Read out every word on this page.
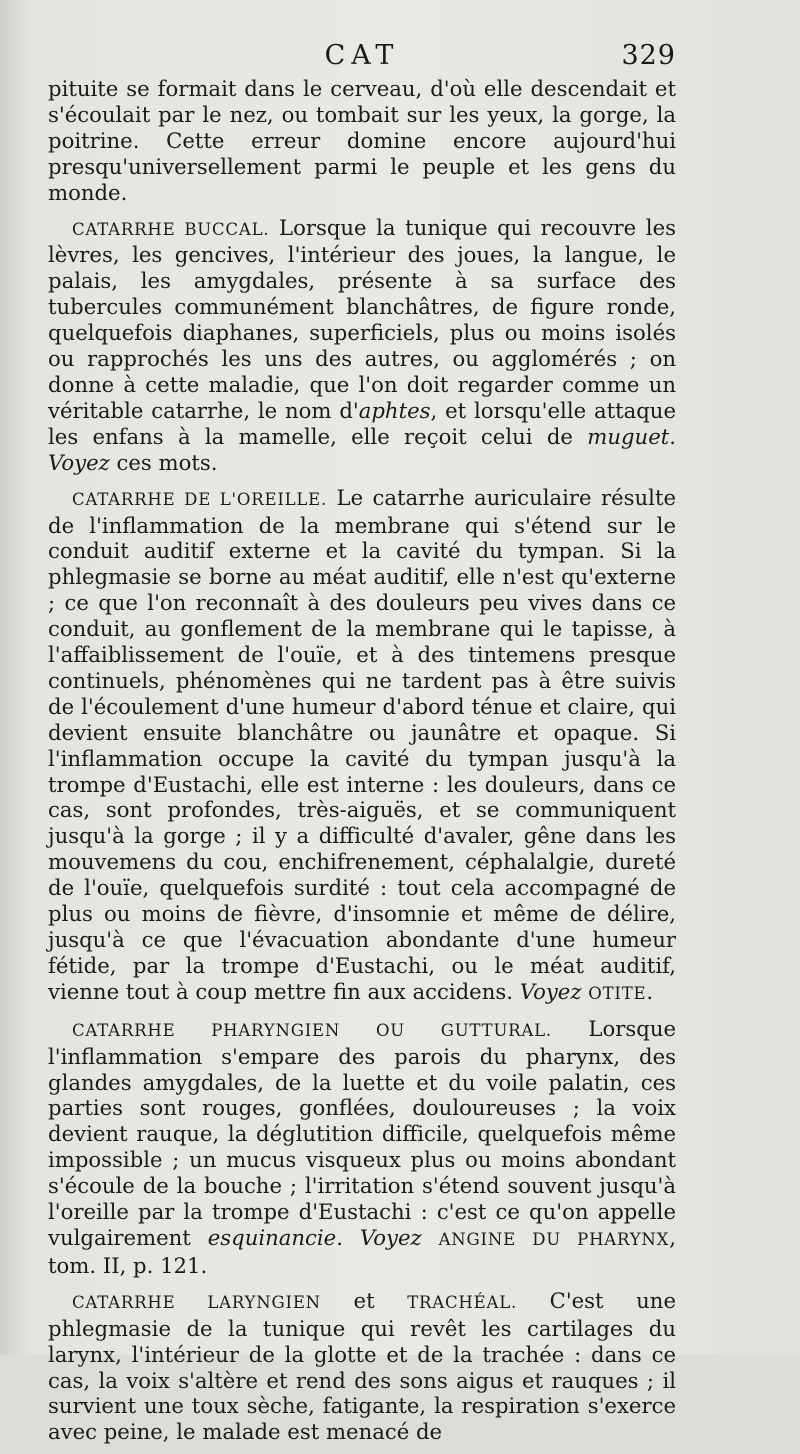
CAT	329

pituite se formait dans le cerveau, d'où elle descendait et s'écoulait par le nez, ou tombait sur les yeux, la gorge, la poitrine. Cette erreur domine encore aujourd'hui presqu'universellement parmi le peuple et les gens du monde.

CATARRHE BUCCAL. Lorsque la tunique qui recouvre les lèvres, les gencives, l'intérieur des joues, la langue, le palais, les amygdales, présente à sa surface des tubercules communément blanchâtres, de figure ronde, quelquefois diaphanes, superficiels, plus ou moins isolés ou rapprochés les uns des autres, ou agglomérés ; on donne à cette maladie, que l'on doit regarder comme un véritable catarrhe, le nom d'aphtes, et lorsqu'elle attaque les enfans à la mamelle, elle reçoit celui de muguet. Voyez ces mots.

CATARRHE DE L'OREILLE. Le catarrhe auriculaire résulte de l'inflammation de la membrane qui s'étend sur le conduit auditif externe et la cavité du tympan. Si la phlegmasie se borne au méat auditif, elle n'est qu'externe ; ce que l'on reconnaît à des douleurs peu vives dans ce conduit, au gonflement de la membrane qui le tapisse, à l'affaiblissement de l'ouïe, et à des tintemens presque continuels, phénomènes qui ne tardent pas à être suivis de l'écoulement d'une humeur d'abord ténue et claire, qui devient ensuite blanchâtre ou jaunâtre et opaque. Si l'inflammation occupe la cavité du tympan jusqu'à la trompe d'Eustachi, elle est interne : les douleurs, dans ce cas, sont profondes, très-aiguës, et se communiquent jusqu'à la gorge ; il y a difficulté d'avaler, gêne dans les mouvemens du cou, enchifrenement, céphalalgie, dureté de l'ouïe, quelquefois surdité : tout cela accompagné de plus ou moins de fièvre, d'insomnie et même de délire, jusqu'à ce que l'évacuation abondante d'une humeur fétide, par la trompe d'Eustachi, ou le méat auditif, vienne tout à coup mettre fin aux accidens. Voyez OTITE.

CATARRHE PHARYNGIEN OU GUTTURAL. Lorsque l'inflammation s'empare des parois du pharynx, des glandes amygdales, de la luette et du voile palatin, ces parties sont rouges, gonflées, douloureuses ; la voix devient rauque, la déglutition difficile, quelquefois même impossible ; un mucus visqueux plus ou moins abondant s'écoule de la bouche ; l'irritation s'étend souvent jusqu'à l'oreille par la trompe d'Eustachi : c'est ce qu'on appelle vulgairement esquinancie. Voyez ANGINE DU PHARYNX, tom. II, p. 121.

CATARRHE LARYNGIEN et TRACHÉAL. C'est une phlegmasie de la tunique qui revêt les cartilages du larynx, l'intérieur de la glotte et de la trachée : dans ce cas, la voix s'altère et rend des sons aigus et rauques ; il survient une toux sèche, fatigante, la respiration s'exerce avec peine, le malade est menacé de
